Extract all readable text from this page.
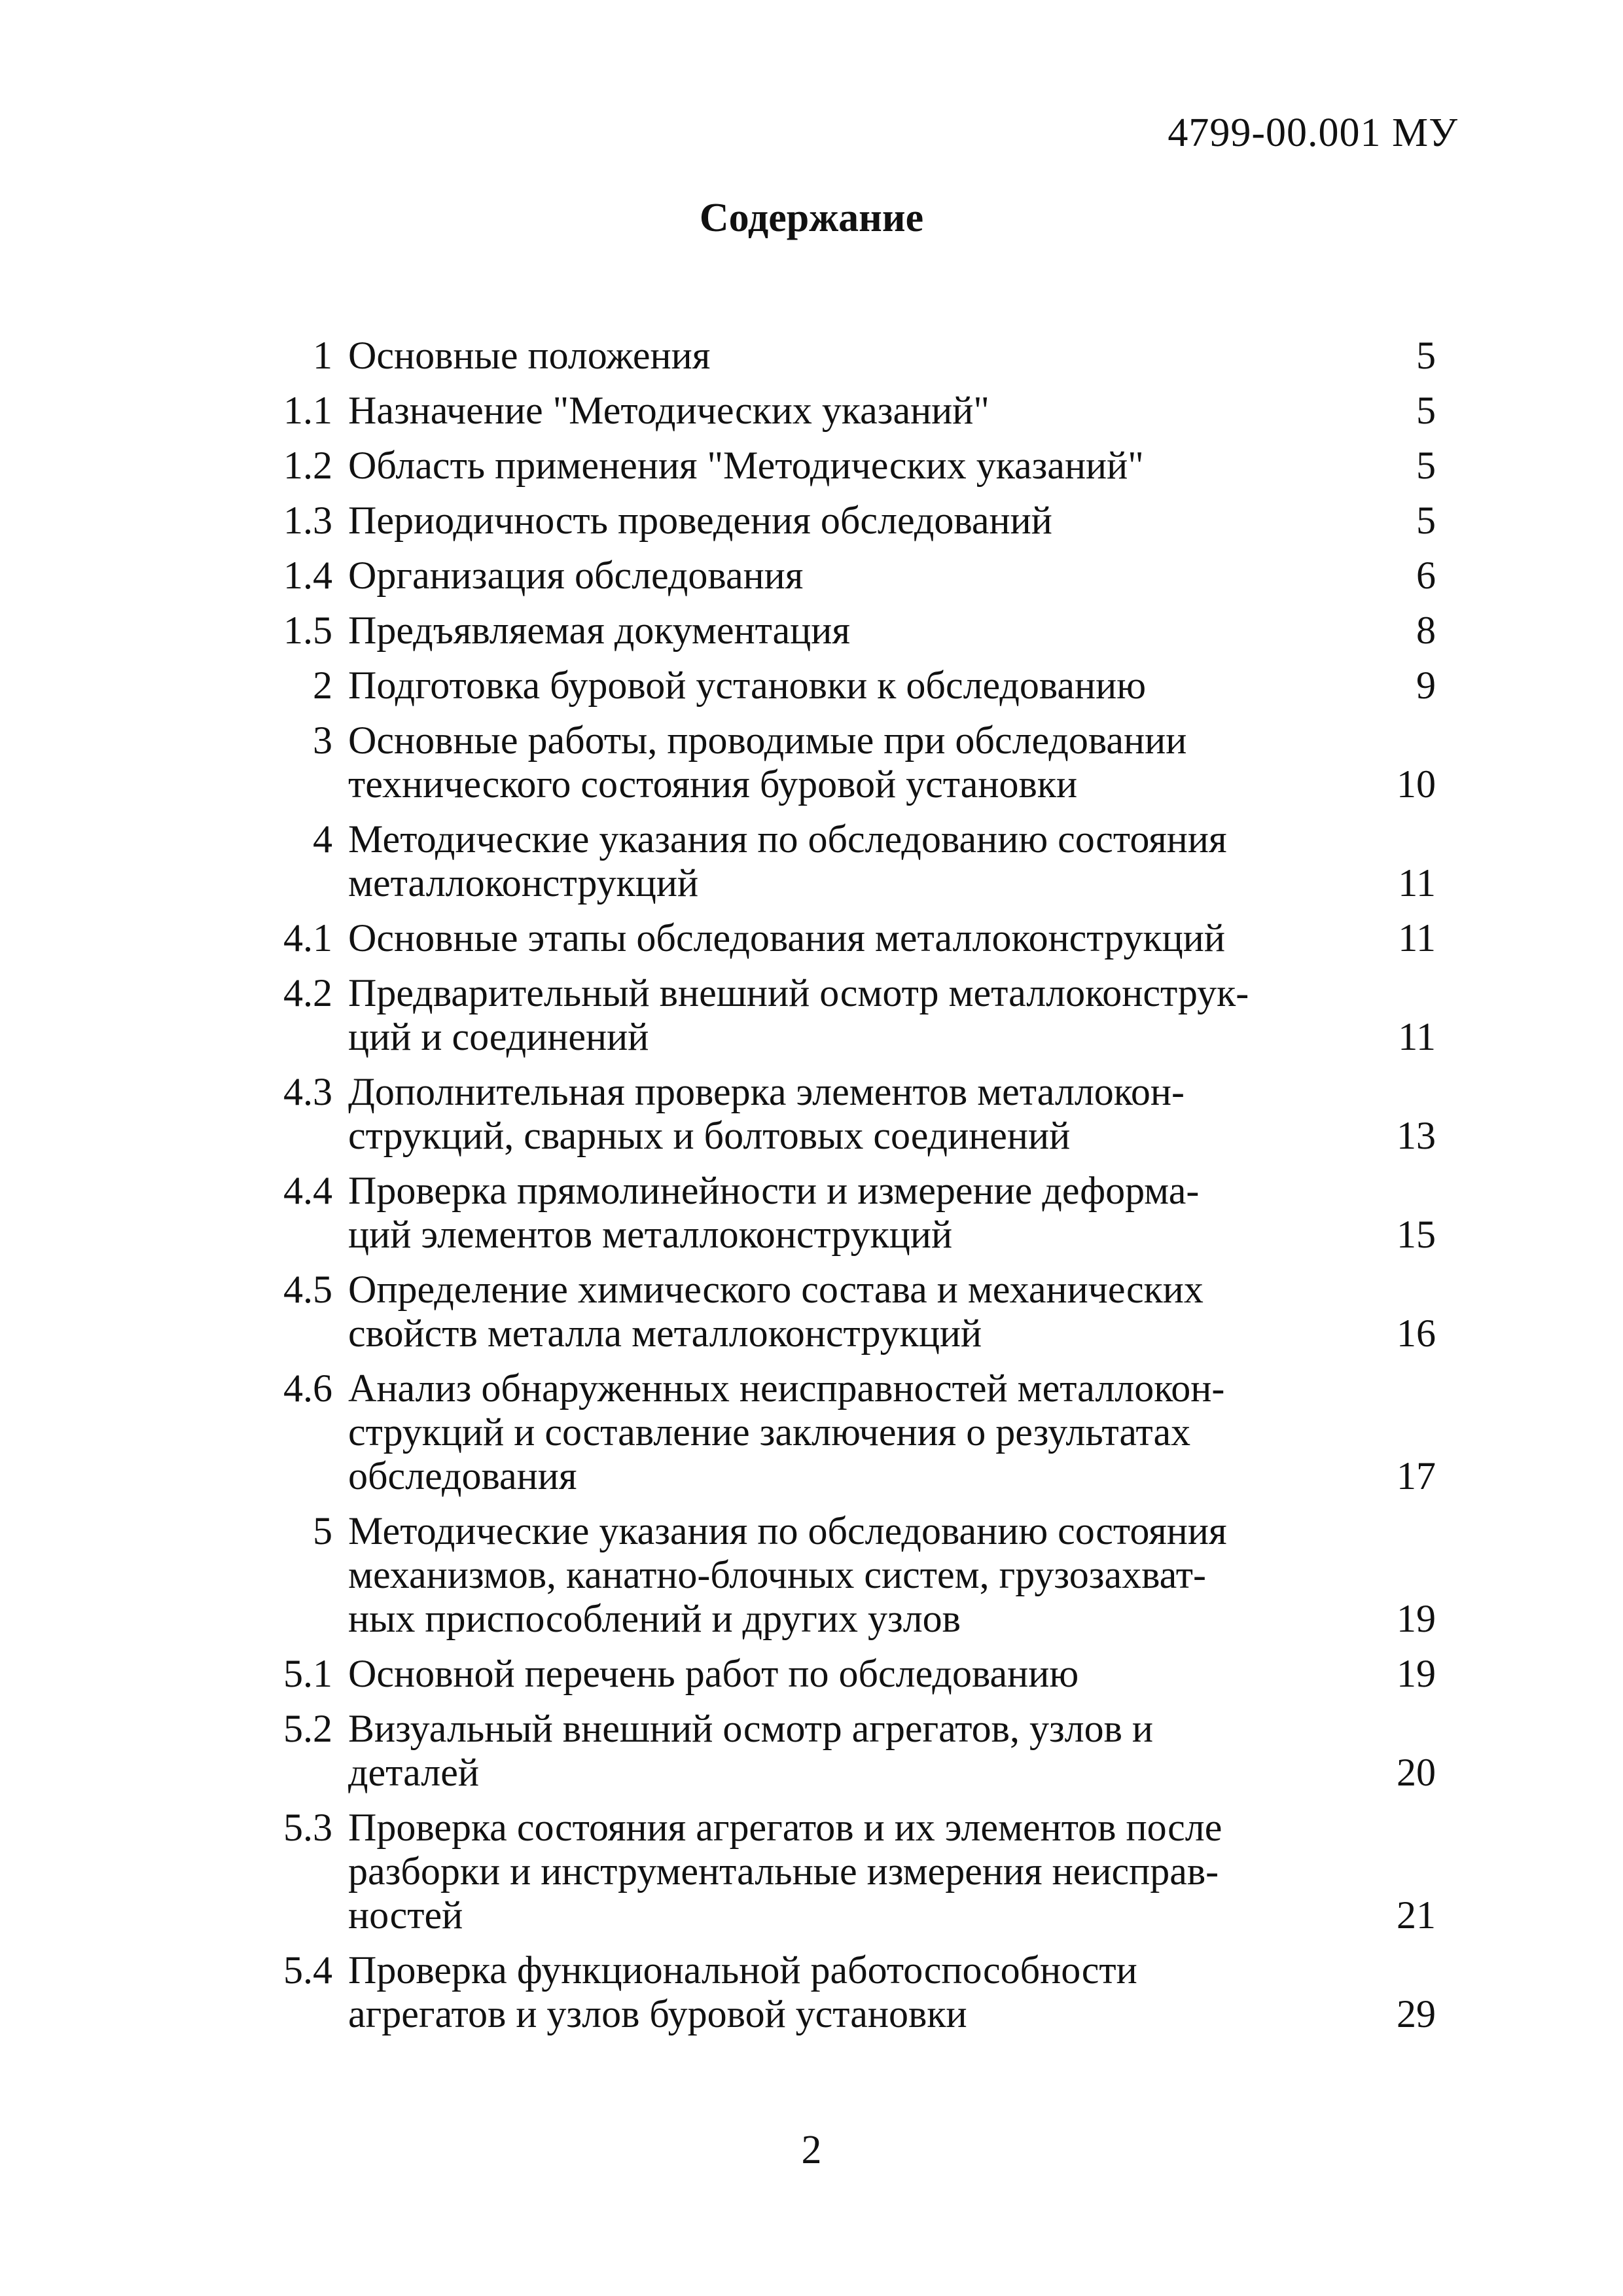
4799-00.001 МУ
Содержание
1 Основные положения	5
1.1 Назначение "Методических указаний"	5
1.2 Область применения "Методических указаний"	5
1.3 Периодичность проведения обследований	5
1.4 Организация обследования	6
1.5 Предъявляемая документация	8
2 Подготовка буровой установки к обследованию	9
3 Основные работы, проводимые при обследовании
технического состояния буровой установки	10
4 Методические указания по обследованию состояния
металлоконструкций	11
4.1 Основные этапы обследования металлоконструкций	11
4.2 Предварительный внешний осмотр металлоконструк-
ций и соединений	11
4.3 Дополнительная проверка элементов металлокон-
струкций, сварных и болтовых соединений	13
4.4 Проверка прямолинейности и измерение деформа-
ций элементов металлоконструкций	15
4.5 Определение химического состава и механических
свойств металла металлоконструкций	16
4.6 Анализ обнаруженных неисправностей металлокон-
струкций и составление заключения о результатах
обследования	17
5 Методические указания по обследованию состояния
механизмов, канатно-блочных систем, грузозахват-
ных приспособлений и других узлов	19
5.1 Основной перечень работ по обследованию	19
5.2 Визуальный внешний осмотр агрегатов, узлов и
деталей	20
5.3 Проверка состояния агрегатов и их элементов после
разборки и инструментальные измерения неисправ-
ностей	21
5.4 Проверка функциональной работоспособности
агрегатов и узлов буровой установки	29
2
